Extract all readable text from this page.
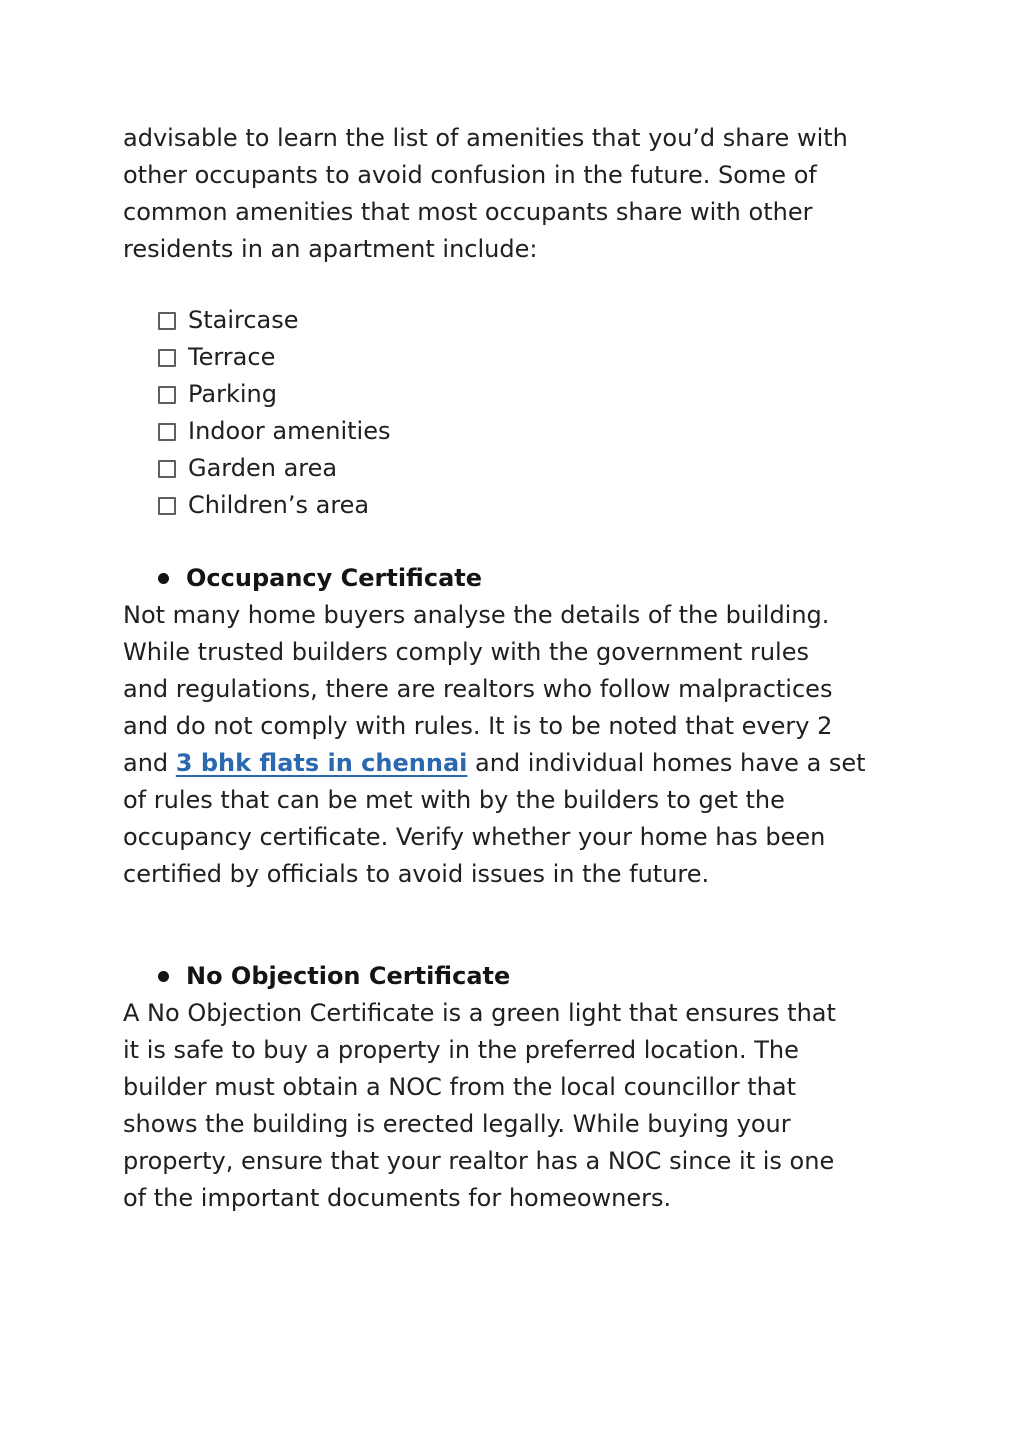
advisable to learn the list of amenities that you’d share with
other occupants to avoid confusion in the future. Some of
common amenities that most occupants share with other
residents in an apartment include:
Staircase
Terrace
Parking
Indoor amenities
Garden area
Children’s area
Occupancy Certificate
Not many home buyers analyse the details of the building.
While trusted builders comply with the government rules
and regulations, there are realtors who follow malpractices
and do not comply with rules. It is to be noted that every 2
and 3 bhk flats in chennai and individual homes have a set
of rules that can be met with by the builders to get the
occupancy certificate. Verify whether your home has been
certified by officials to avoid issues in the future.
No Objection Certificate
A No Objection Certificate is a green light that ensures that
it is safe to buy a property in the preferred location. The
builder must obtain a NOC from the local councillor that
shows the building is erected legally. While buying your
property, ensure that your realtor has a NOC since it is one
of the important documents for homeowners.
